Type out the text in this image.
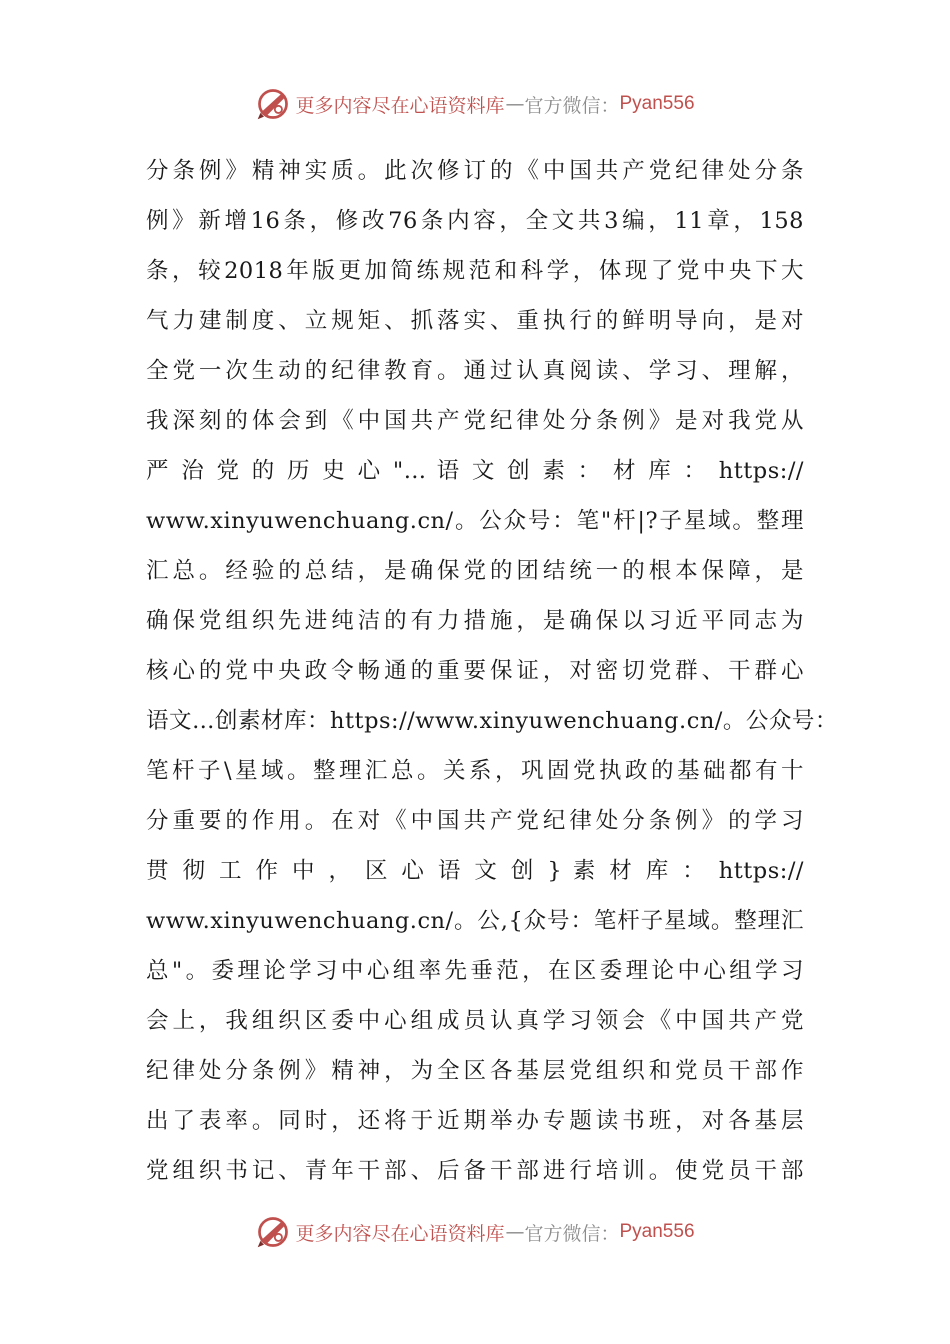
更多内容尽在心语资料库 — 官方微信： Pyan556
分条例》精神实质。此次修订的《中国共产党纪律处分条
例》新增16条，修改76条内容，全文共3编，11章，158
条，较2018年版更加简练规范和科学，体现了党中央下大
气力建制度、立规矩、抓落实、重执行的鲜明导向，是对
全党一次生动的纪律教育。通过认真阅读、学习、理解，
我深刻的体会到《中国共产党纪律处分条例》是对我党从
严 治 党 的 历 史 心 "… 语 文 创 素 ： 材 库 ： https://
www.xinyuwenchuang.cn/。公众号：笔"杆|?子星域。整理
汇总。经验的总结，是确保党的团结统一的根本保障，是
确保党组织先进纯洁的有力措施，是确保以习近平同志为
核心的党中央政令畅通的重要保证，对密切党群、干群心
语文…创素材库：https://www.xinyuwenchuang.cn/。公众号：
笔杆子\星域。整理汇总。关系，巩固党执政的基础都有十
分重要的作用。在对《中国共产党纪律处分条例》的学习
贯 彻 工 作 中 ， 区 心 语 文 创 } 素 材 库 ： https://
www.xinyuwenchuang.cn/。公,{众号：笔杆子星域。整理汇
总"。委理论学习中心组率先垂范，在区委理论中心组学习
会上，我组织区委中心组成员认真学习领会《中国共产党
纪律处分条例》精神，为全区各基层党组织和党员干部作
出了表率。同时，还将于近期举办专题读书班，对各基层
党组织书记、青年干部、后备干部进行培训。使党员干部
更多内容尽在心语资料库 — 官方微信： Pyan556
